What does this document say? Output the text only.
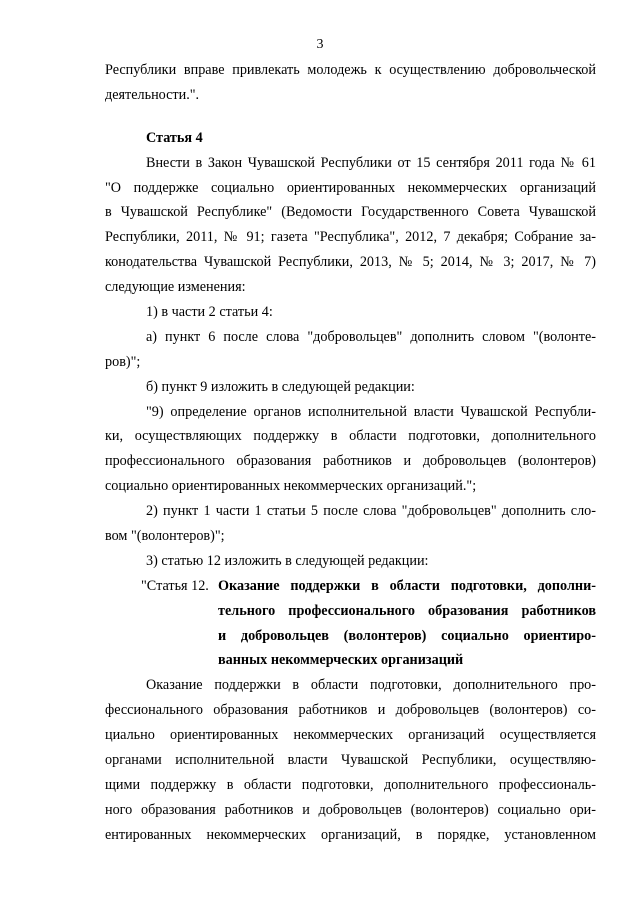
3
Республики вправе привлекать молодежь к осуществлению добровольческой
деятельности.".
Статья 4
Внести в Закон Чувашской Республики от 15 сентября 2011 года № 61
"О поддержке социально ориентированных некоммерческих организаций
в Чувашской Республике" (Ведомости Государственного Совета Чувашской
Республики, 2011, № 91; газета "Республика", 2012, 7 декабря; Собрание за-
конодательства Чувашской Республики, 2013, № 5; 2014, № 3; 2017, № 7)
следующие изменения:
1) в части 2 статьи 4:
а) пункт 6 после слова "добровольцев" дополнить словом "(волонте-
ров)";
б) пункт 9 изложить в следующей редакции:
"9) определение органов исполнительной власти Чувашской Республи-
ки, осуществляющих поддержку в области подготовки, дополнительного
профессионального образования работников и добровольцев (волонтеров)
социально ориентированных некоммерческих организаций.";
2) пункт 1 части 1 статьи 5 после слова "добровольцев" дополнить сло-
вом "(волонтеров)";
3) статью 12 изложить в следующей редакции:
"Статья 12. Оказание поддержки в области подготовки, дополни-
тельного профессионального образования работников
и добровольцев (волонтеров) социально ориентиро-
ванных некоммерческих организаций
Оказание поддержки в области подготовки, дополнительного про-
фессионального образования работников и добровольцев (волонтеров) со-
циально ориентированных некоммерческих организаций осуществляется
органами исполнительной власти Чувашской Республики, осуществляю-
щими поддержку в области подготовки, дополнительного профессиональ-
ного образования работников и добровольцев (волонтеров) социально ори-
ентированных некоммерческих организаций, в порядке, установленном
